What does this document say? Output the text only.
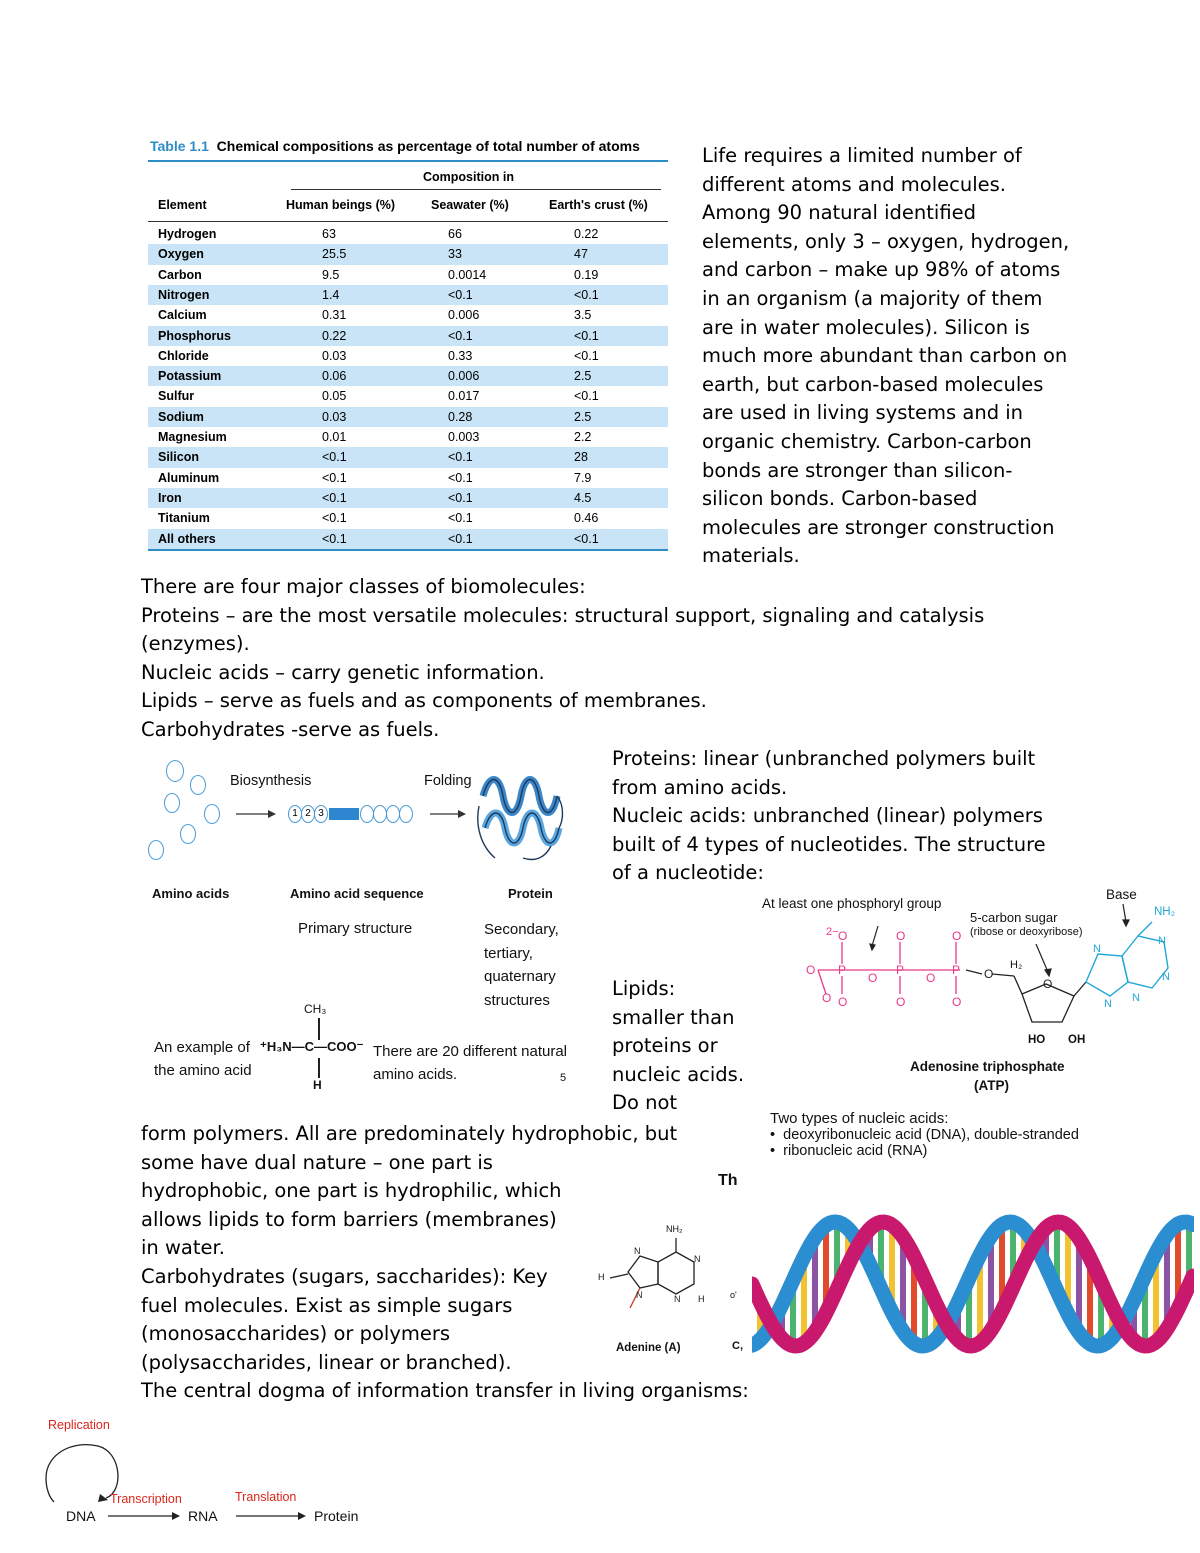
Table 1.1 Chemical compositions as percentage of total number of atoms
Composition in
Element	Human beings (%)	Seawater (%)	Earth's crust (%)
Hydrogen	63	66	0.22
Oxygen	25.5	33	47
Carbon	9.5	0.0014	0.19
Nitrogen	1.4	<0.1	<0.1
Calcium	0.31	0.006	3.5
Phosphorus	0.22	<0.1	<0.1
Chloride	0.03	0.33	<0.1
Potassium	0.06	0.006	2.5
Sulfur	0.05	0.017	<0.1
Sodium	0.03	0.28	2.5
Magnesium	0.01	0.003	2.2
Silicon	<0.1	<0.1	28
Aluminum	<0.1	<0.1	7.9
Iron	<0.1	<0.1	4.5
Titanium	<0.1	<0.1	0.46
All others	<0.1	<0.1	<0.1
Life requires a limited number of
different atoms and molecules.
Among 90 natural identified
elements, only 3 – oxygen, hydrogen,
and carbon – make up 98% of atoms
in an organism (a majority of them
are in water molecules). Silicon is
much more abundant than carbon on
earth, but carbon-based molecules
are used in living systems and in
organic chemistry. Carbon-carbon
bonds are stronger than silicon-
silicon bonds. Carbon-based
molecules are stronger construction
materials.
There are four major classes of biomolecules:
Proteins – are the most versatile molecules: structural support, signaling and catalysis
(enzymes).
Nucleic acids – carry genetic information.
Lipids – serve as fuels and as components of membranes.
Carbohydrates -serve as fuels.
Biosynthesis	Folding
1 2 3
Amino acids	Amino acid sequence	Protein
Primary structure	Secondary,
tertiary,
quaternary
structures
CH₃
An example of
the amino acid
⁺H₃N—C—COO⁻
H
There are 20 different natural
amino acids.	5
Proteins: linear (unbranched polymers built
from amino acids.
Nucleic acids: unbranched (linear) polymers
built of 4 types of nucleotides. The structure
of a nucleotide:
At least one phosphoryl group
Base
5-carbon sugar
(ribose or deoxyribose)
NH₂
H₂
2−
P	P	P
O	O	O
O
O O	O	O
O	O	O
O
N
N
N
N
N
HO OH
Adenosine triphosphate
(ATP)
Lipids:
smaller than
proteins or
nucleic acids.
Do not
Two types of nucleic acids:
• deoxyribonucleic acid (DNA), double-stranded
• ribonucleic acid (RNA)
Th
form polymers. All are predominately hydrophobic, but
some have dual nature – one part is
hydrophobic, one part is hydrophilic, which
allows lipids to form barriers (membranes)
in water.
Carbohydrates (sugars, saccharides): Key
fuel molecules. Exist as simple sugars
(monosaccharides) or polymers
(polysaccharides, linear or branched).
The central dogma of information transfer in living organisms:
NH₂
N
N
N
N
H
H
Adenine (A)
o'
C,
Replication
Transcription	Translation
DNA	RNA	Protein
